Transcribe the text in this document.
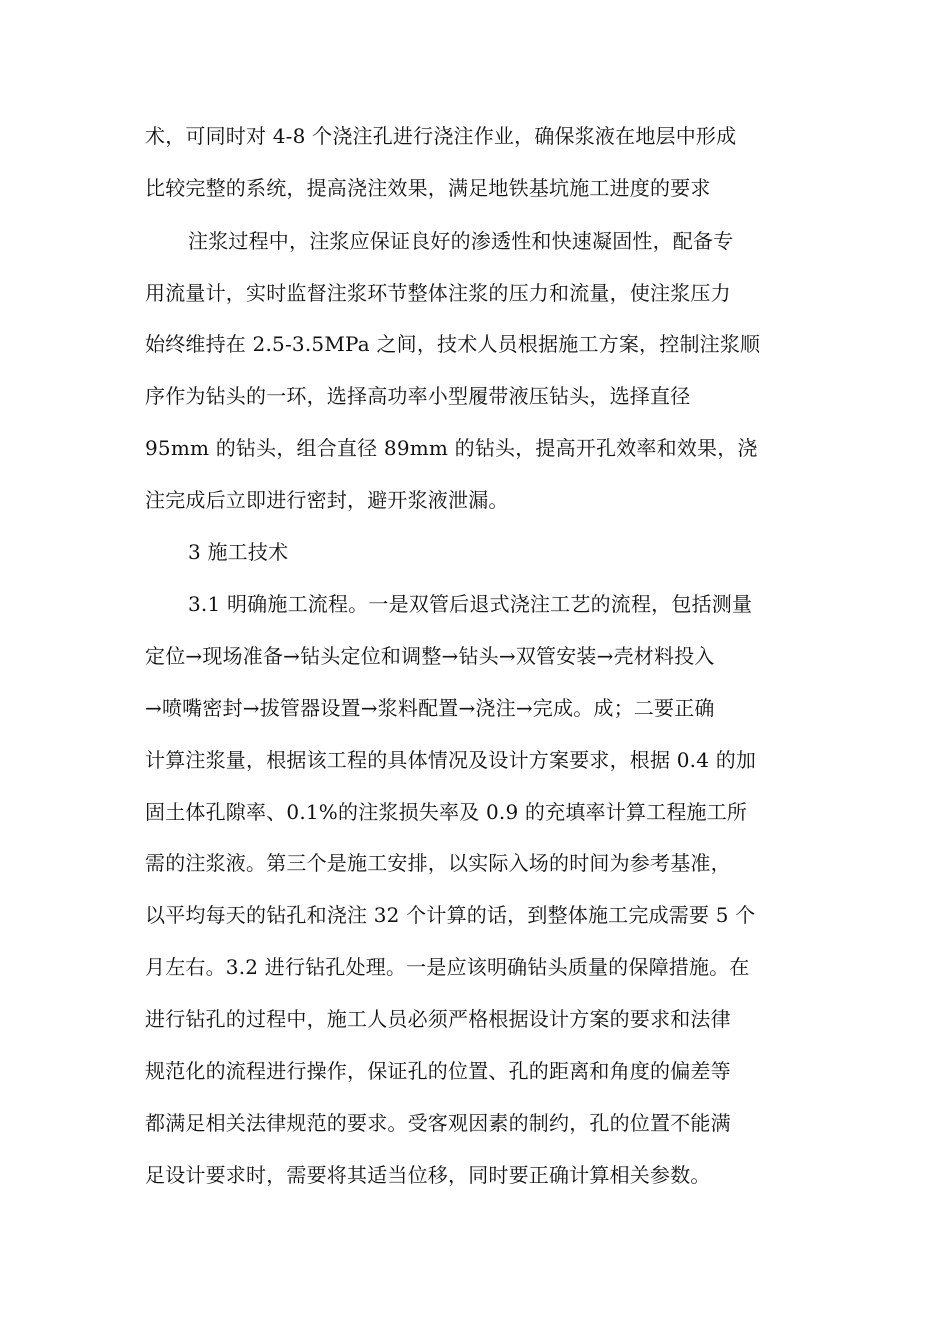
术，可同时对 4-8 个浇注孔进行浇注作业，确保浆液在地层中形成
比较完整的系统，提高浇注效果，满足地铁基坑施工进度的要求
注浆过程中，注浆应保证良好的渗透性和快速凝固性，配备专
用流量计，实时监督注浆环节整体注浆的压力和流量，使注浆压力
始终维持在 2.5-3.5MPa 之间，技术人员根据施工方案，控制注浆顺
序作为钻头的一环，选择高功率小型履带液压钻头，选择直径
95mm 的钻头，组合直径 89mm 的钻头，提高开孔效率和效果，浇
注完成后立即进行密封，避开浆液泄漏。
3 施工技术
3.1 明确施工流程。一是双管后退式浇注工艺的流程，包括测量
定位→现场准备→钻头定位和调整→钻头→双管安装→壳材料投入
→喷嘴密封→拔管器设置→浆料配置→浇注→完成。成；二要正确
计算注浆量，根据该工程的具体情况及设计方案要求，根据 0.4 的加
固土体孔隙率、0.1%的注浆损失率及 0.9 的充填率计算工程施工所
需的注浆液。第三个是施工安排，以实际入场的时间为参考基准，
以平均每天的钻孔和浇注 32 个计算的话，到整体施工完成需要 5 个
月左右。3.2 进行钻孔处理。一是应该明确钻头质量的保障措施。在
进行钻孔的过程中，施工人员必须严格根据设计方案的要求和法律
规范化的流程进行操作，保证孔的位置、孔的距离和角度的偏差等
都满足相关法律规范的要求。受客观因素的制约，孔的位置不能满
足设计要求时，需要将其适当位移，同时要正确计算相关参数。
